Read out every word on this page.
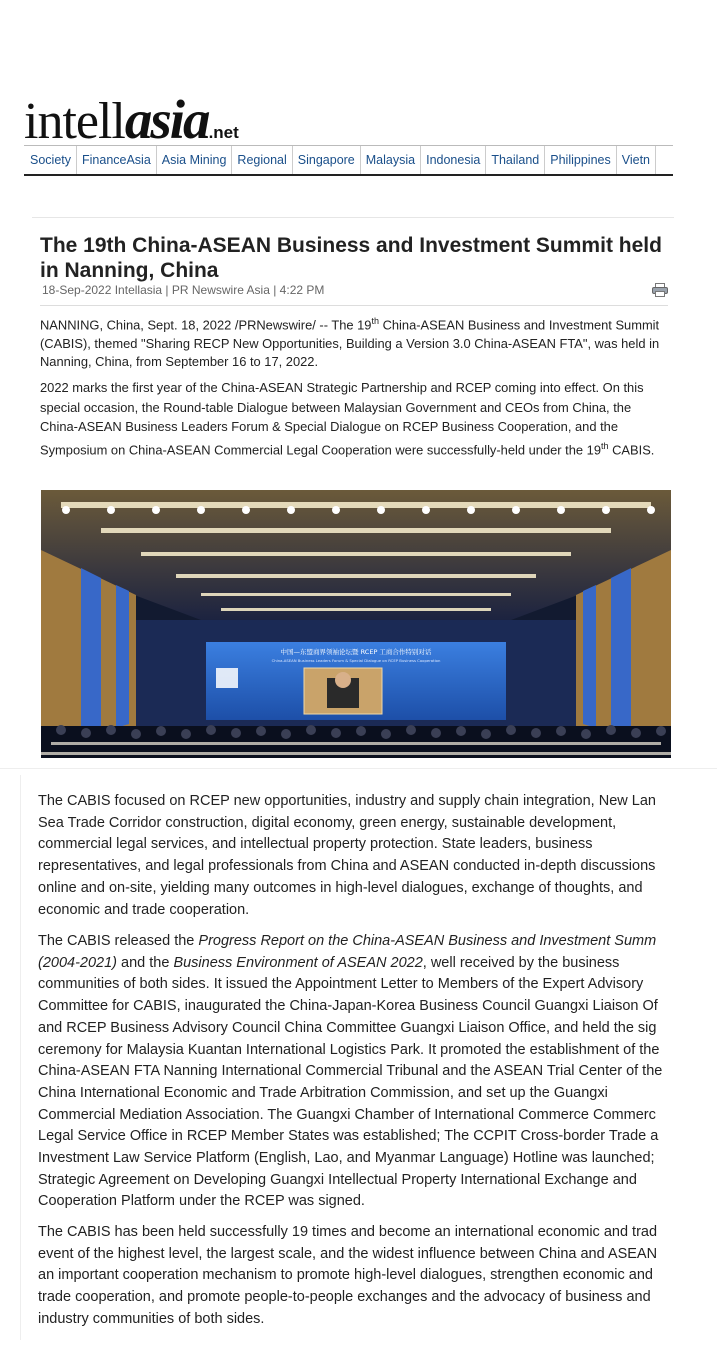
intellasia.net
Society FinanceAsia Asia Mining Regional Singapore Malaysia Indonesia Thailand Philippines Vietn
The 19th China-ASEAN Business and Investment Summit held in Nanning, China
18-Sep-2022 Intellasia | PR Newswire Asia | 4:22 PM
NANNING, China, Sept. 18, 2022 /PRNewswire/ -- The 19th China-ASEAN Business and Investment Summit (CABIS), themed "Sharing RECP New Opportunities, Building a Version 3.0 China-ASEAN FTA", was held in Nanning, China, from September 16 to 17, 2022.
2022 marks the first year of the China-ASEAN Strategic Partnership and RCEP coming into effect. On this special occasion, the Round-table Dialogue between Malaysian Government and CEOs from China, the China-ASEAN Business Leaders Forum & Special Dialogue on RCEP Business Cooperation, and the Symposium on China-ASEAN Commercial Legal Cooperation were successfully-held under the 19th CABIS.
中国—东盟商界领袖论坛暨 RCEP 工商合作特别对话
China-ASEAN Business Leaders Forum & Special Dialogue on RCEP Business Cooperation
The CABIS focused on RCEP new opportunities, industry and supply chain integration, New Lan
Sea Trade Corridor construction, digital economy, green energy, sustainable development,
commercial legal services, and intellectual property protection. State leaders, business
representatives, and legal professionals from China and ASEAN conducted in-depth discussions
online and on-site, yielding many outcomes in high-level dialogues, exchange of thoughts, and
economic and trade cooperation.
The CABIS released the Progress Report on the China-ASEAN Business and Investment Summ
(2004-2021) and the Business Environment of ASEAN 2022, well received by the business
communities of both sides. It issued the Appointment Letter to Members of the Expert Advisory
Committee for CABIS, inaugurated the China-Japan-Korea Business Council Guangxi Liaison Of
and RCEP Business Advisory Council China Committee Guangxi Liaison Office, and held the sig
ceremony for Malaysia Kuantan International Logistics Park. It promoted the establishment of the
China-ASEAN FTA Nanning International Commercial Tribunal and the ASEAN Trial Center of the
China International Economic and Trade Arbitration Commission, and set up the Guangxi
Commercial Mediation Association. The Guangxi Chamber of International Commerce Commerc
Legal Service Office in RCEP Member States was established; The CCPIT Cross-border Trade a
Investment Law Service Platform (English, Lao, and Myanmar Language) Hotline was launched;
Strategic Agreement on Developing Guangxi Intellectual Property International Exchange and
Cooperation Platform under the RCEP was signed.
The CABIS has been held successfully 19 times and become an international economic and trad
event of the highest level, the largest scale, and the widest influence between China and ASEAN
an important cooperation mechanism to promote high-level dialogues, strengthen economic and
trade cooperation, and promote people-to-people exchanges and the advocacy of business and
industry communities of both sides.
